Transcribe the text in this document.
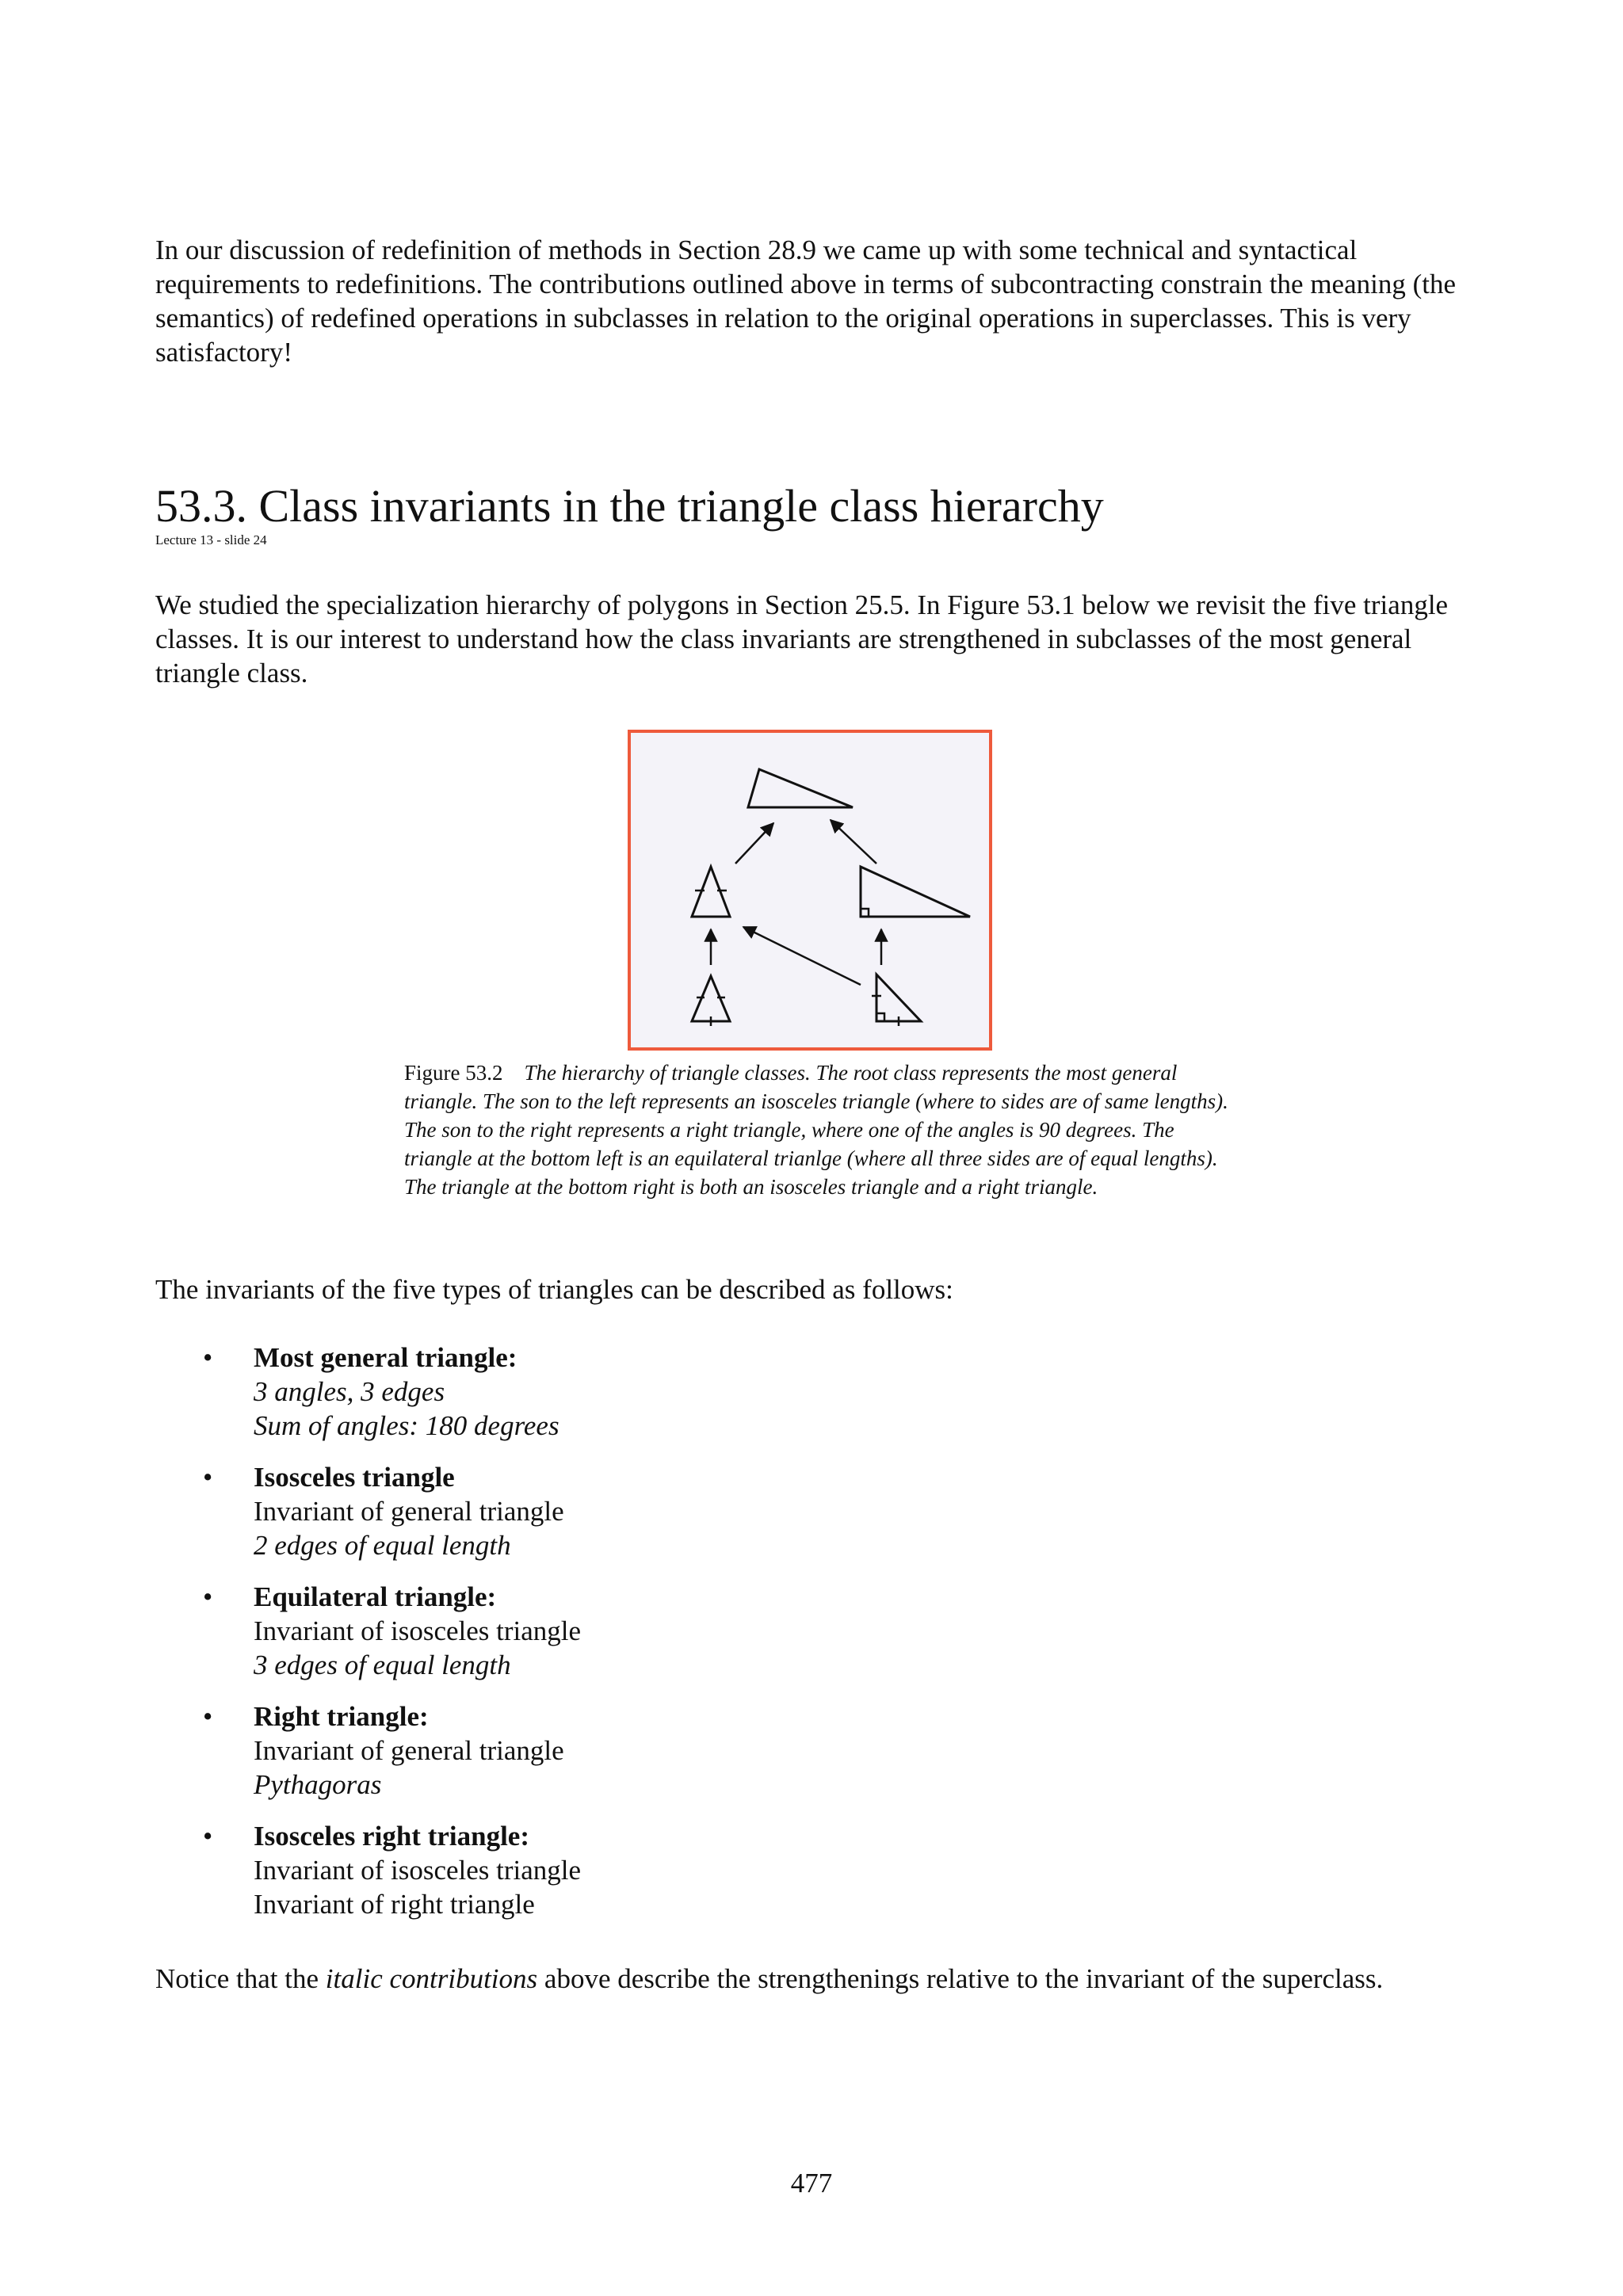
In our discussion of redefinition of methods in Section 28.9 we came up with some technical and syntactical requirements to redefinitions. The contributions outlined above in terms of subcontracting constrain the meaning (the semantics) of redefined operations in subclasses in relation to the original operations in superclasses. This is very satisfactory!

53.3. Class invariants in the triangle class hierarchy
Lecture 13 - slide 24

We studied the specialization hierarchy of polygons in Section 25.5. In Figure 53.1 below we revisit the five triangle classes. It is our interest to understand how the class invariants are strengthened in subclasses of the most general triangle class.

Figure 53.2 The hierarchy of triangle classes. The root class represents the most general triangle. The son to the left represents an isosceles triangle (where to sides are of same lengths). The son to the right represents a right triangle, where one of the angles is 90 degrees. The triangle at the bottom left is an equilateral trianlge (where all three sides are of equal lengths). The triangle at the bottom right is both an isosceles triangle and a right triangle.

The invariants of the five types of triangles can be described as follows:

• Most general triangle:
3 angles, 3 edges
Sum of angles: 180 degrees
• Isosceles triangle
Invariant of general triangle
2 edges of equal length
• Equilateral triangle:
Invariant of isosceles triangle
3 edges of equal length
• Right triangle:
Invariant of general triangle
Pythagoras
• Isosceles right triangle:
Invariant of isosceles triangle
Invariant of right triangle

Notice that the italic contributions above describe the strengthenings relative to the invariant of the superclass.

477
